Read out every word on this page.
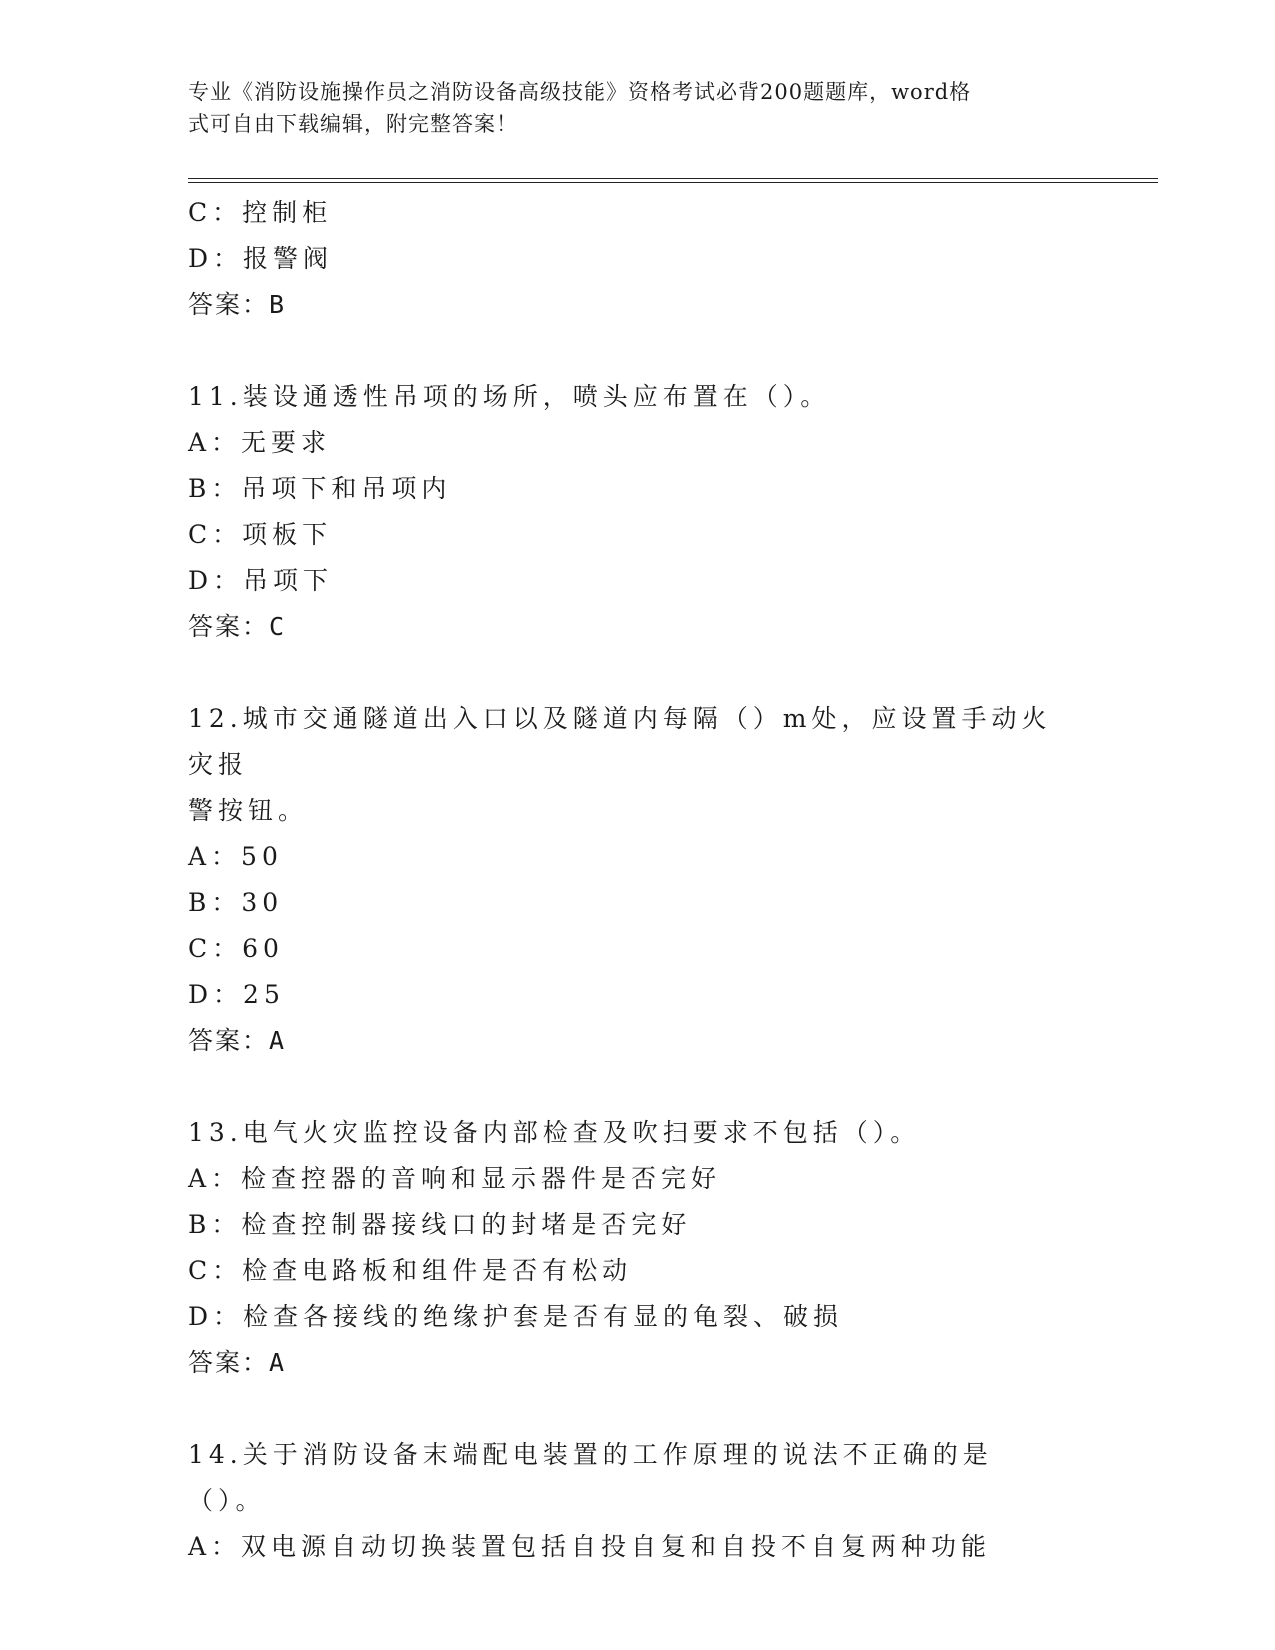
专业《消防设施操作员之消防设备高级技能》资格考试必背200题题库，word格
式可自由下载编辑，附完整答案！
C：控制柜
D：报警阀
答案：B
11.装设通透性吊项的场所，喷头应布置在（）。
A：无要求
B：吊项下和吊项内
C：项板下
D：吊项下
答案：C
12.城市交通隧道出入口以及隧道内每隔（）m处，应设置手动火灾报
警按钮。
A：50
B：30
C：60
D：25
答案：A
13.电气火灾监控设备内部检查及吹扫要求不包括（）。
A：检查控器的音响和显示器件是否完好
B：检查控制器接线口的封堵是否完好
C：检查电路板和组件是否有松动
D：检查各接线的绝缘护套是否有显的龟裂、破损
答案：A
14.关于消防设备末端配电装置的工作原理的说法不正确的是（）。
A：双电源自动切换装置包括自投自复和自投不自复两种功能
